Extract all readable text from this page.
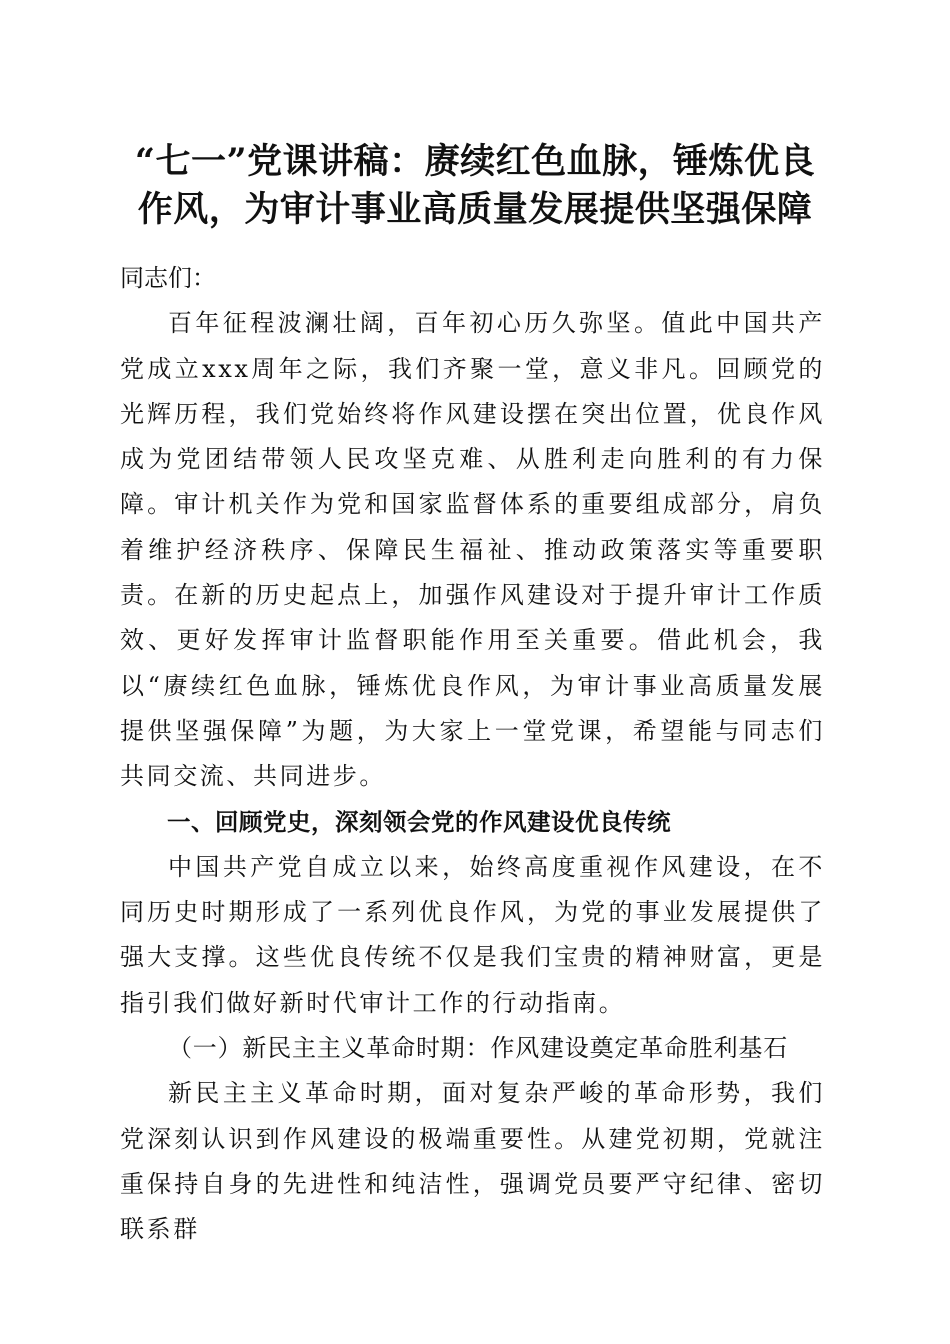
“七一”党课讲稿：赓续红色血脉，锤炼优良作风，为审计事业高质量发展提供坚强保障

同志们：

百年征程波澜壮阔，百年初心历久弥坚。值此中国共产党成立xxx周年之际，我们齐聚一堂，意义非凡。回顾党的光辉历程，我们党始终将作风建设摆在突出位置，优良作风成为党团结带领人民攻坚克难、从胜利走向胜利的有力保障。审计机关作为党和国家监督体系的重要组成部分，肩负着维护经济秩序、保障民生福祉、推动政策落实等重要职责。在新的历史起点上，加强作风建设对于提升审计工作质效、更好发挥审计监督职能作用至关重要。借此机会，我以“赓续红色血脉，锤炼优良作风，为审计事业高质量发展提供坚强保障”为题，为大家上一堂党课，希望能与同志们共同交流、共同进步。

一、回顾党史，深刻领会党的作风建设优良传统

中国共产党自成立以来，始终高度重视作风建设，在不同历史时期形成了一系列优良作风，为党的事业发展提供了强大支撑。这些优良传统不仅是我们宝贵的精神财富，更是指引我们做好新时代审计工作的行动指南。

（一）新民主主义革命时期：作风建设奠定革命胜利基石

新民主主义革命时期，面对复杂严峻的革命形势，我们党深刻认识到作风建设的极端重要性。从建党初期，党就注重保持自身的先进性和纯洁性，强调党员要严守纪律、密切联系群
